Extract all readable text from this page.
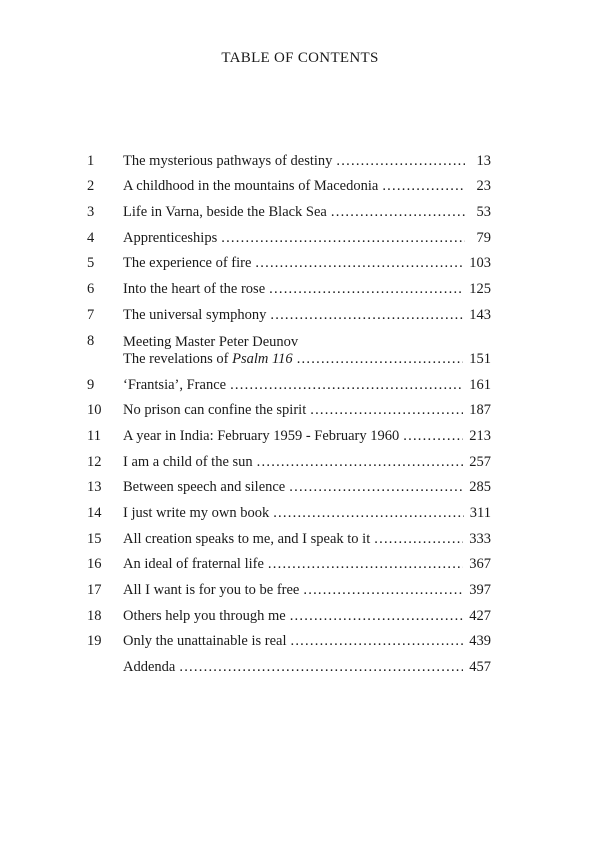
TABLE OF CONTENTS
1	The mysterious pathways of destiny . . .	13
2	A childhood in the mountains of Macedonia . . .	23
3	Life in Varna, beside the Black Sea . . .	53
4	Apprenticeships . . .	79
5	The experience of fire . . .	103
6	Into the heart of the rose . . .	125
7	The universal symphony . . .	143
8	Meeting Master Peter Deunov
The revelations of Psalm 116 . . .	151
9	‘Frantsia’, France . . .	161
10	No prison can confine the spirit . . .	187
11	A year in India: February 1959 - February 1960 . . .	213
12	I am a child of the sun . . .	257
13	Between speech and silence . . .	285
14	I just write my own book . . .	311
15	All creation speaks to me, and I speak to it . . .	333
16	An ideal of fraternal life . . .	367
17	All I want is for you to be free . . .	397
18	Others help you through me . . .	427
19	Only the unattainable is real . . .	439
Addenda . . .	457
